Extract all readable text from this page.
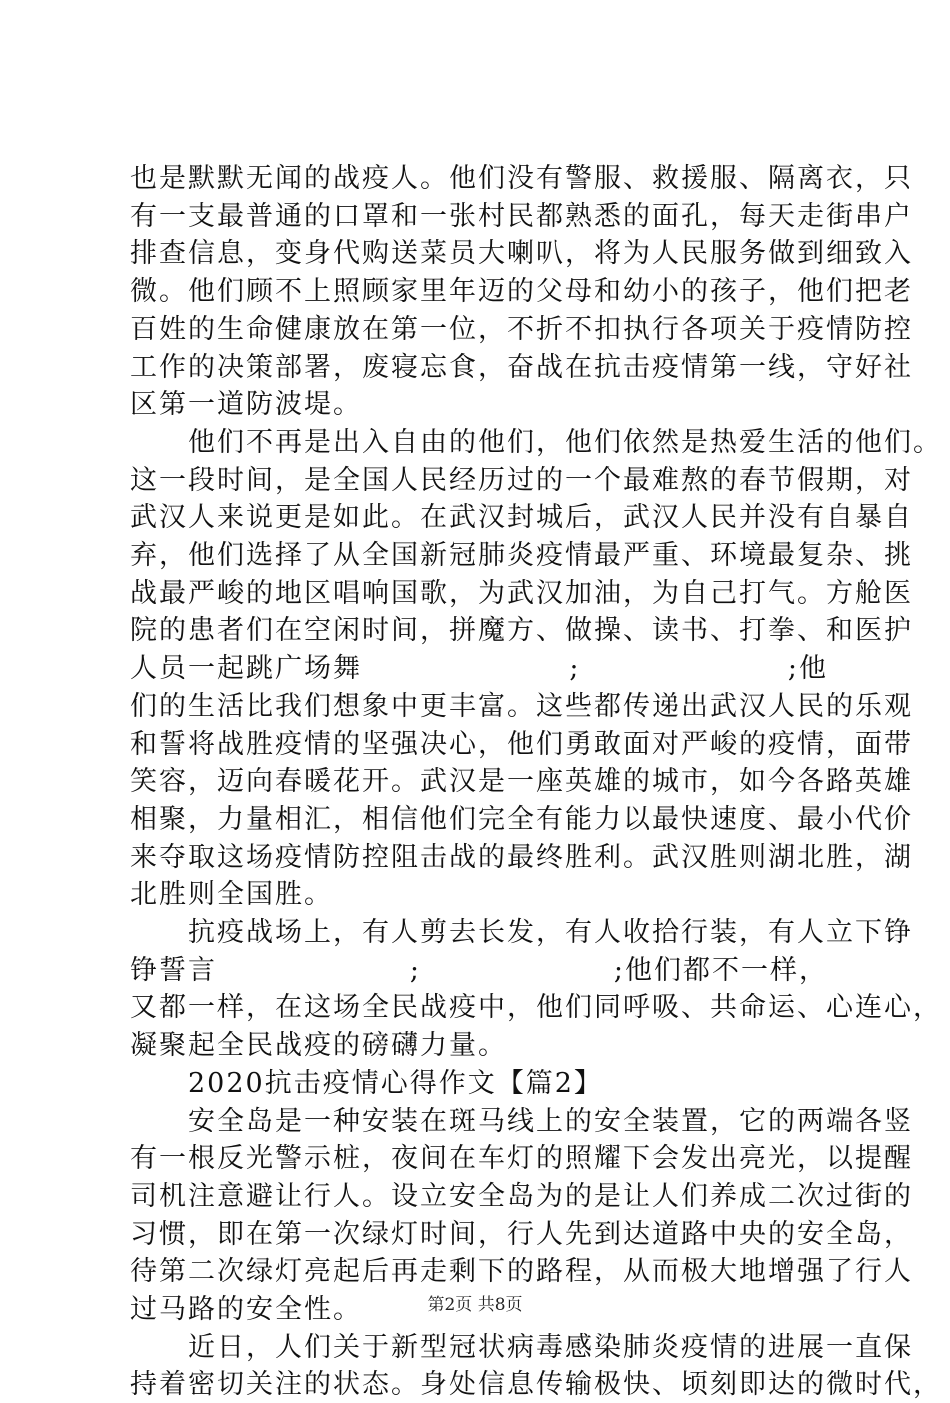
也是默默无闻的战疫人。他们没有警服、救援服、隔离衣，只
有一支最普通的口罩和一张村民都熟悉的面孔，每天走街串户
排查信息，变身代购送菜员大喇叭，将为人民服务做到细致入
微。他们顾不上照顾家里年迈的父母和幼小的孩子，他们把老
百姓的生命健康放在第一位，不折不扣执行各项关于疫情防控
工作的决策部署，废寝忘食，奋战在抗击疫情第一线，守好社
区第一道防波堤。
　　他们不再是出入自由的他们，他们依然是热爱生活的他们。
这一段时间，是全国人民经历过的一个最难熬的春节假期，对
武汉人来说更是如此。在武汉封城后，武汉人民并没有自暴自
弃，他们选择了从全国新冠肺炎疫情最严重、环境最复杂、挑
战最严峻的地区唱响国歌，为武汉加油，为自己打气。方舱医
院的患者们在空闲时间，拼魔方、做操、读书、打拳、和医护
人员一起跳广场舞	;	;他
们的生活比我们想象中更丰富。这些都传递出武汉人民的乐观
和誓将战胜疫情的坚强决心，他们勇敢面对严峻的疫情，面带
笑容，迈向春暖花开。武汉是一座英雄的城市，如今各路英雄
相聚，力量相汇，相信他们完全有能力以最快速度、最小代价
来夺取这场疫情防控阻击战的最终胜利。武汉胜则湖北胜，湖
北胜则全国胜。
　　抗疫战场上，有人剪去长发，有人收拾行装，有人立下铮
铮誓言	;	;他们都不一样，
又都一样，在这场全民战疫中，他们同呼吸、共命运、心连心，
凝聚起全民战疫的磅礴力量。
　　2020抗击疫情心得作文【篇2】
　　安全岛是一种安装在斑马线上的安全装置，它的两端各竖
有一根反光警示桩，夜间在车灯的照耀下会发出亮光，以提醒
司机注意避让行人。设立安全岛为的是让人们养成二次过街的
习惯，即在第一次绿灯时间，行人先到达道路中央的安全岛，
待第二次绿灯亮起后再走剩下的路程，从而极大地增强了行人
过马路的安全性。
　　近日，人们关于新型冠状病毒感染肺炎疫情的进展一直保
持着密切关注的状态。身处信息传输极快、顷刻即达的微时代，
第2页 共8页
